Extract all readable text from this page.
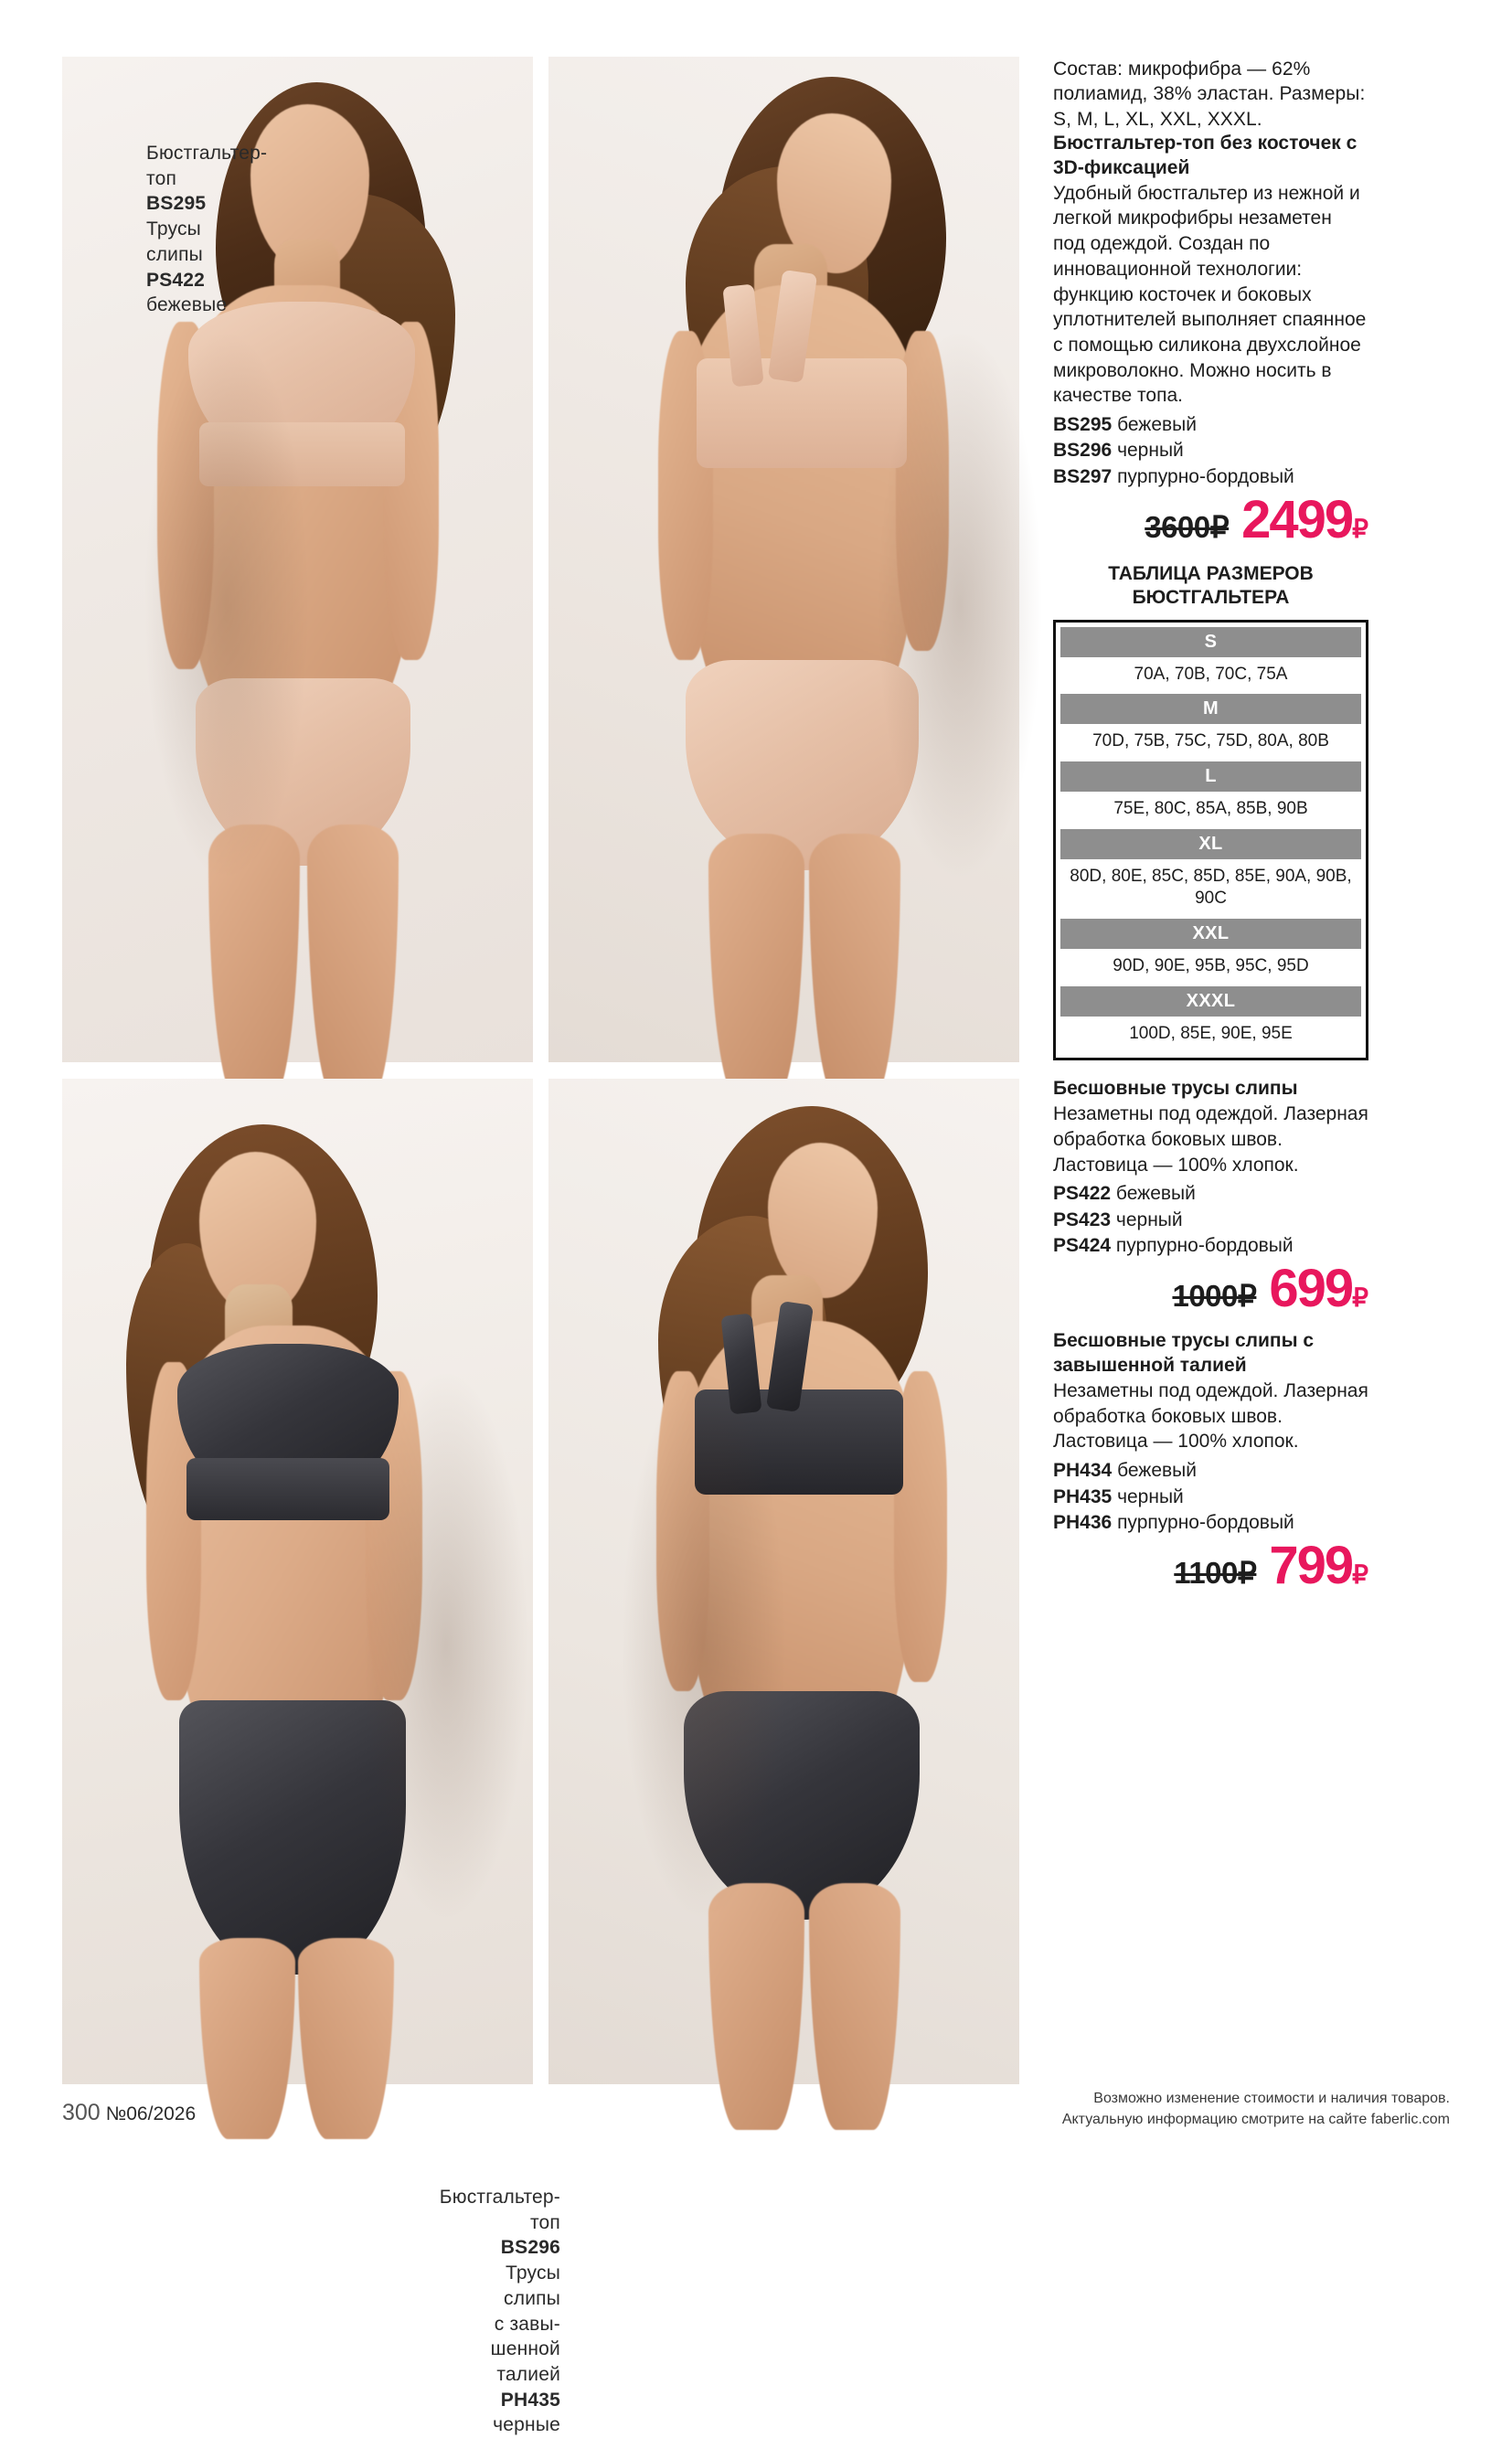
Бюстгальтер-
топ
BS295
Трусы
слипы
PS422
бежевые
Бюстгальтер-
топ
BS296
Трусы
слипы
с завы-
шенной
талией
PH435
черные

Состав: микрофибра — 62% полиамид, 38% эластан. Размеры: S, M, L, XL, XXL, XXXL.

Бюстгальтер-топ без косточек с 3D-фиксацией

Удобный бюстгальтер из нежной и легкой микрофибры незаметен под одеждой. Создан по инновационной технологии: функцию косточек и боковых уплотнителей выполняет спаянное с помощью силикона двухслойное микроволокно. Можно носить в качестве топа.

BS295 бежевый
BS296 черный
BS297 пурпурно-бордовый
3600₽ 2499₽
ТАБЛИЦА РАЗМЕРОВ
БЮСТГАЛЬТЕРА
S
70A, 70B, 70C, 75A
M
70D, 75B, 75C, 75D, 80A, 80B
L
75E, 80C, 85A, 85B, 90B
XL
80D, 80E, 85C, 85D, 85E, 90A, 90B, 90C
XXL
90D, 90E, 95B, 95C, 95D
XXXL
100D, 85E, 90E, 95E

Бесшовные трусы слипы

Незаметны под одеждой. Лазерная обработка боковых швов. Ластовица — 100% хлопок.

PS422 бежевый
PS423 черный
PS424 пурпурно-бордовый
1000₽ 699₽

Бесшовные трусы слипы с завышенной талией

Незаметны под одеждой. Лазерная обработка боковых швов. Ластовица — 100% хлопок.

PH434 бежевый
PH435 черный
PH436 пурпурно-бордовый
1100₽ 799₽
300 №06/2026
Возможно изменение стоимости и наличия товаров.
Актуальную информацию смотрите на сайте faberlic.com
